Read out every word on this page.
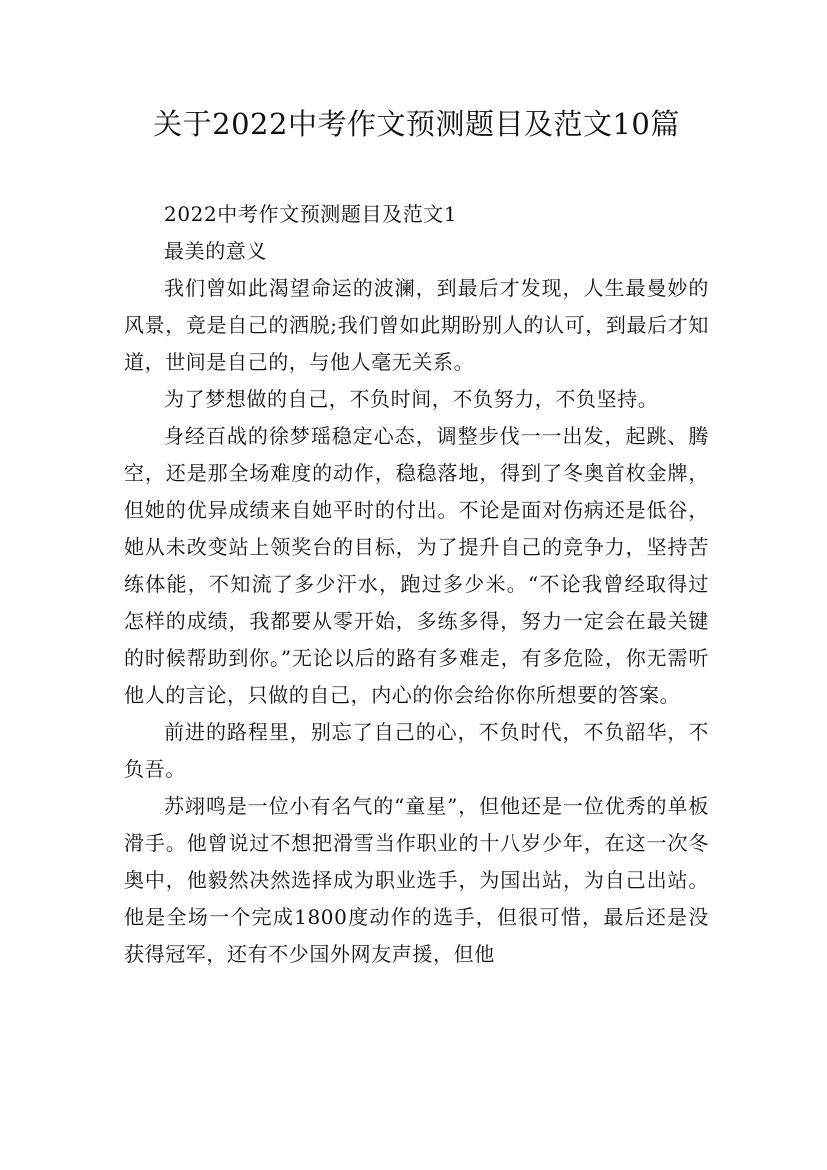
关于2022中考作文预测题目及范文10篇

2022中考作文预测题目及范文1

最美的意义

我们曾如此渴望命运的波澜，到最后才发现，人生最曼妙的风景，竟是自己的洒脱;我们曾如此期盼别人的认可，到最后才知道，世间是自己的，与他人毫无关系。

为了梦想做的自己，不负时间，不负努力，不负坚持。

身经百战的徐梦瑶稳定心态，调整步伐一一出发，起跳、腾空，还是那全场难度的动作，稳稳落地，得到了冬奥首枚金牌，但她的优异成绩来自她平时的付出。不论是面对伤病还是低谷，她从未改变站上领奖台的目标，为了提升自己的竞争力，坚持苦练体能，不知流了多少汗水，跑过多少米。“不论我曾经取得过怎样的成绩，我都要从零开始，多练多得，努力一定会在最关键的时候帮助到你。”无论以后的路有多难走，有多危险，你无需听他人的言论，只做的自己，内心的你会给你你所想要的答案。

前进的路程里，别忘了自己的心，不负时代，不负韶华，不负吾。

苏翊鸣是一位小有名气的“童星”，但他还是一位优秀的单板滑手。他曾说过不想把滑雪当作职业的十八岁少年，在这一次冬奥中，他毅然决然选择成为职业选手，为国出站，为自己出站。他是全场一个完成1800度动作的选手，但很可惜，最后还是没获得冠军，还有不少国外网友声援，但他
